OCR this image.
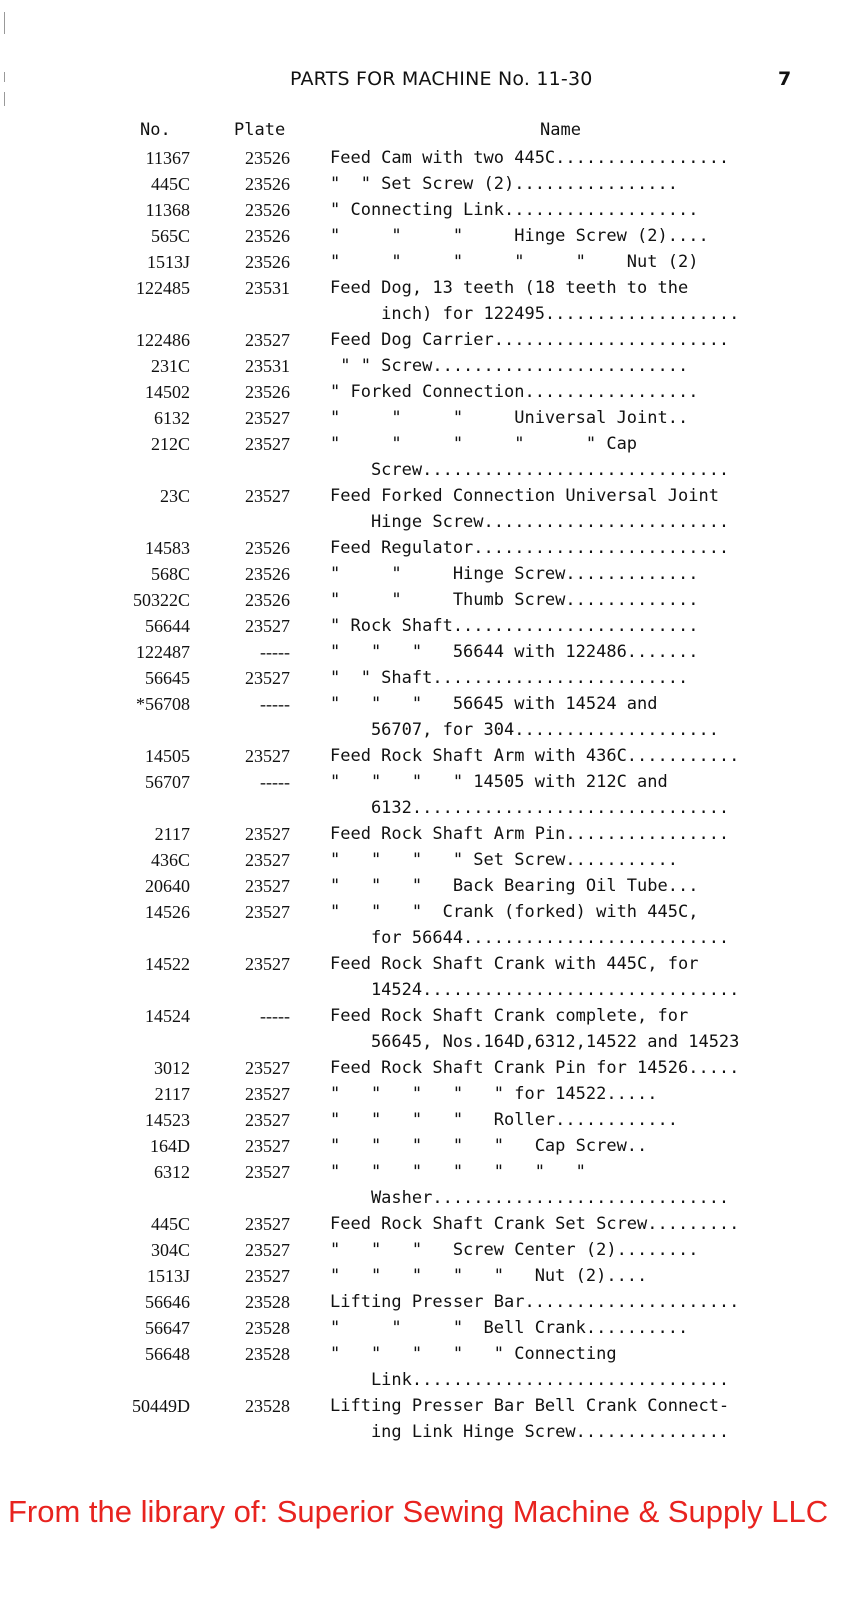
PARTS FOR MACHINE No. 11-30	7
No.	Plate	Name
11367	23526 Feed Cam with two 445C.................
445C	23526 "  " Set Screw (2)................
11368	23526 " Connecting Link...................
565C	23526 "     "     "     Hinge Screw (2)....
1513J	23526 "     "     "     "     "    Nut (2)
122485	23531 Feed Dog, 13 teeth (18 teeth to the
inch) for 122495...................
122486	23527 Feed Dog Carrier.......................
231C	23531 " " Screw.........................
14502	23526 " Forked Connection.................
6132	23527 "     "     "     Universal Joint..
212C	23527 "     "     "     "      " Cap
Screw..............................
23C	23527 Feed Forked Connection Universal Joint
Hinge Screw........................
14583	23526 Feed Regulator.........................
568C	23526 "     "     Hinge Screw.............
50322C	23526 "     "     Thumb Screw.............
56644	23527 " Rock Shaft........................
122487	----- "   "   "   56644 with 122486.......
56645	23527 "  " Shaft.........................
*56708	----- "   "   "   56645 with 14524 and
56707, for 304....................
14505	23527 Feed Rock Shaft Arm with 436C...........
56707	----- "   "   "   " 14505 with 212C and
6132...............................
2117	23527 Feed Rock Shaft Arm Pin................
436C	23527 "   "   "   " Set Screw...........
20640	23527 "   "   "   Back Bearing Oil Tube...
14526	23527 "   "   "  Crank (forked) with 445C,
for 56644..........................
14522	23527 Feed Rock Shaft Crank with 445C, for
14524...............................
14524	----- Feed Rock Shaft Crank complete, for
56645, Nos.164D,6312,14522 and 14523
3012	23527 Feed Rock Shaft Crank Pin for 14526.....
2117	23527 "   "   "   "   " for 14522.....
14523	23527 "   "   "   "   Roller............
164D	23527 "   "   "   "   "   Cap Screw..
6312	23527 "   "   "   "   "   "   "
Washer.............................
445C	23527 Feed Rock Shaft Crank Set Screw.........
304C	23527 "   "   "   Screw Center (2)........
1513J	23527 "   "   "   "   "   Nut (2)....
56646	23528 Lifting Presser Bar.....................
56647	23528 "     "     "  Bell Crank..........
56648	23528 "   "   "   "   " Connecting
Link...............................
50449D	23528 Lifting Presser Bar Bell Crank Connect-
ing Link Hinge Screw...............
From the library of: Superior Sewing Machine & Supply LLC
